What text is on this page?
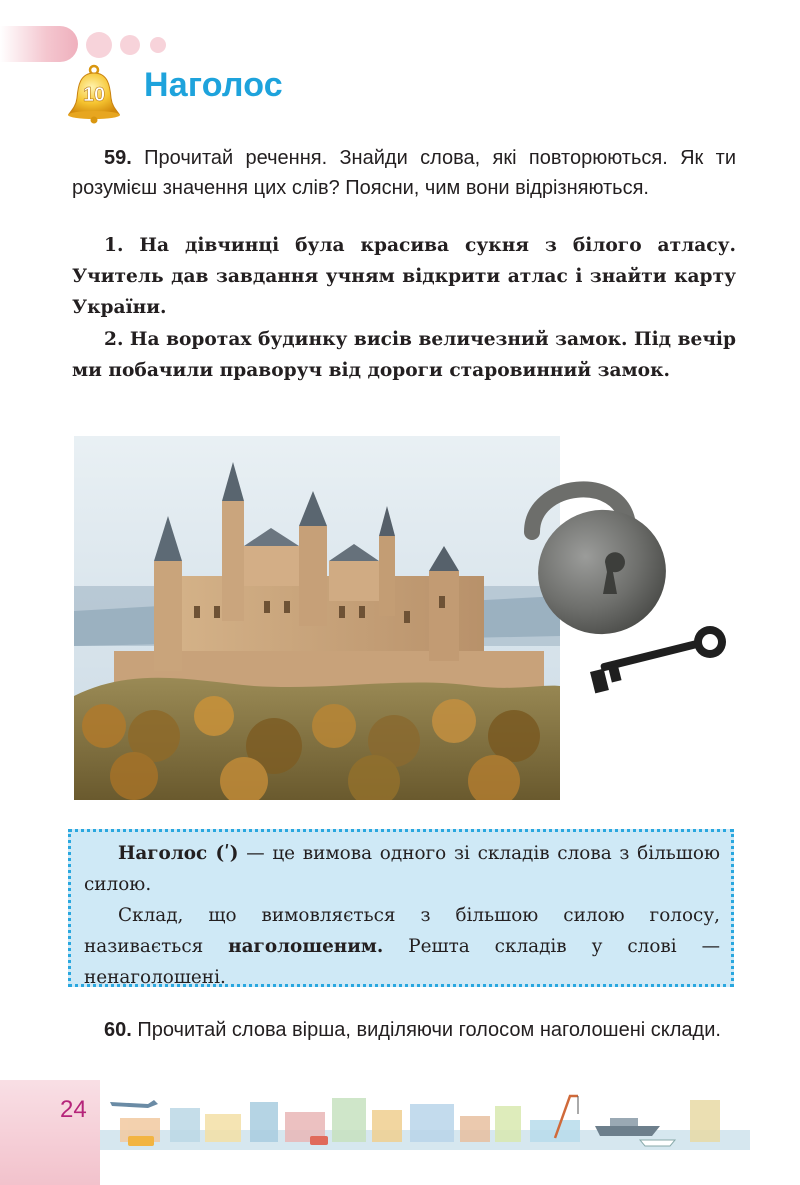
10	Наголос
59. Прочитай речення. Знайди слова, які повторюються. Як ти розумієш значення цих слів? Поясни, чим вони відрізняються.
1. На дівчинці була красива сукня з білого атласу. Учитель дав завдання учням відкрити атлас і знайти карту України.
2. На воротах будинку висів величезний замок. Під вечір ми побачили праворуч від дороги старовинний замок.

Наголос (ʹ) — це вимова одного зі складів слова з більшою силою.

Склад, що вимовляється з більшою силою голосу, називається наголошеним. Решта складів у слові — ненаголошені.

60. Прочитай слова вірша, виділяючи голосом наголошені склади.
24
